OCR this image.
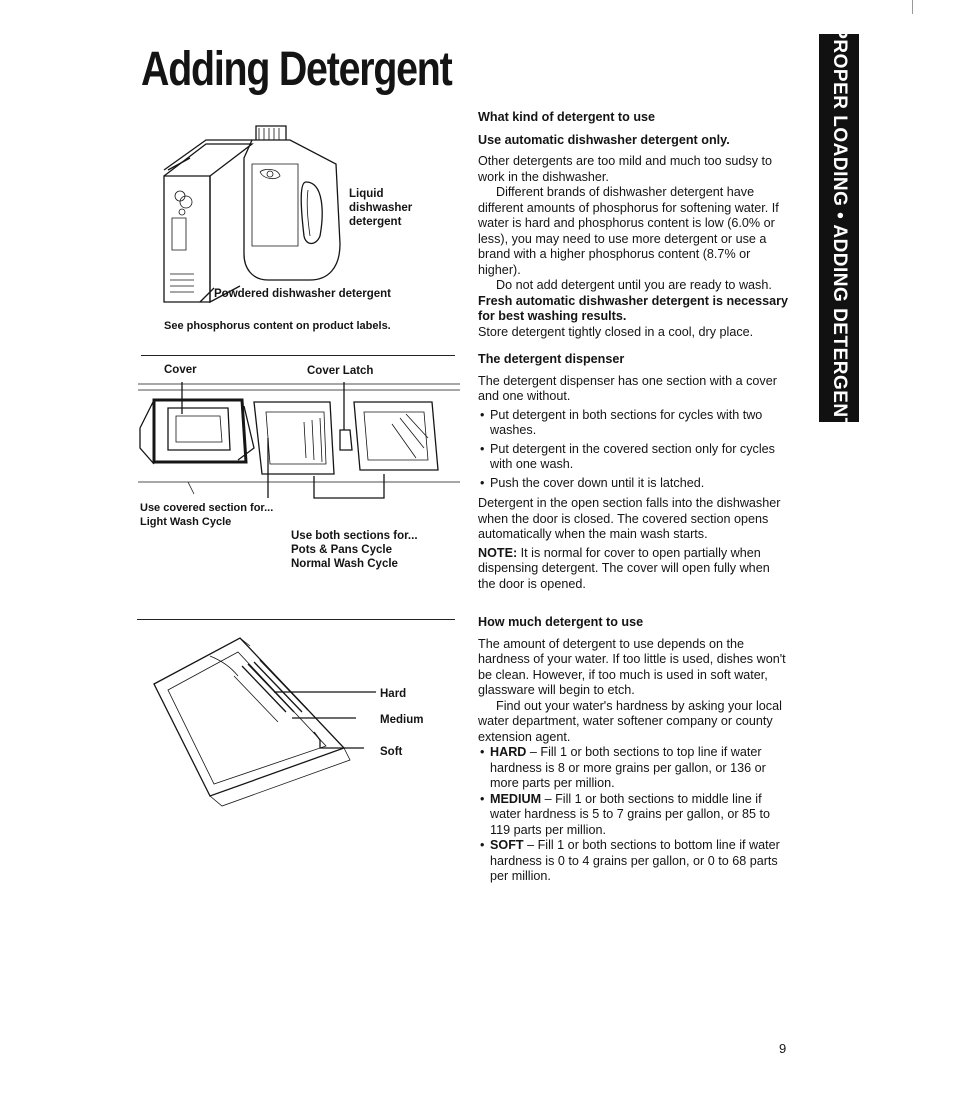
Adding Detergent	PROPER LOADING • ADDING DETERGENT
Liquid
dishwasher
detergent
Powdered dishwasher detergent
See phosphorus content on product labels.
Cover	Cover Latch
Use covered section for...
Light Wash Cycle
Use both sections for...
Pots & Pans Cycle
Normal Wash Cycle
Hard
Medium
Soft

What kind of detergent to use

Use automatic dishwasher detergent only.

Other detergents are too mild and much too sudsy to work in the dishwasher.

Different brands of dishwasher detergent have different amounts of phosphorus for softening water. If water is hard and phosphorus content is low (6.0% or less), you may need to use more detergent or use a brand with a higher phosphorus content (8.7% or higher).

Do not add detergent until you are ready to wash. Fresh automatic dishwasher detergent is necessary for best washing results.

Store detergent tightly closed in a cool, dry place.

The detergent dispenser

The detergent dispenser has one section with a cover and one without.

• Put detergent in both sections for cycles with two washes.
• Put detergent in the covered section only for cycles with one wash.
• Push the cover down until it is latched.

Detergent in the open section falls into the dishwasher when the door is closed. The covered section opens automatically when the main wash starts.

NOTE: It is normal for cover to open partially when dispensing detergent. The cover will open fully when the door is opened.

How much detergent to use

The amount of detergent to use depends on the hardness of your water. If too little is used, dishes won't be clean. However, if too much is used in soft water, glassware will begin to etch.

Find out your water's hardness by asking your local water department, water softener company or county extension agent.

• HARD – Fill 1 or both sections to top line if water hardness is 8 or more grains per gallon, or 136 or more parts per million.
• MEDIUM – Fill 1 or both sections to middle line if water hardness is 5 to 7 grains per gallon, or 85 to 119 parts per million.
• SOFT – Fill 1 or both sections to bottom line if water hardness is 0 to 4 grains per gallon, or 0 to 68 parts per million.
9
